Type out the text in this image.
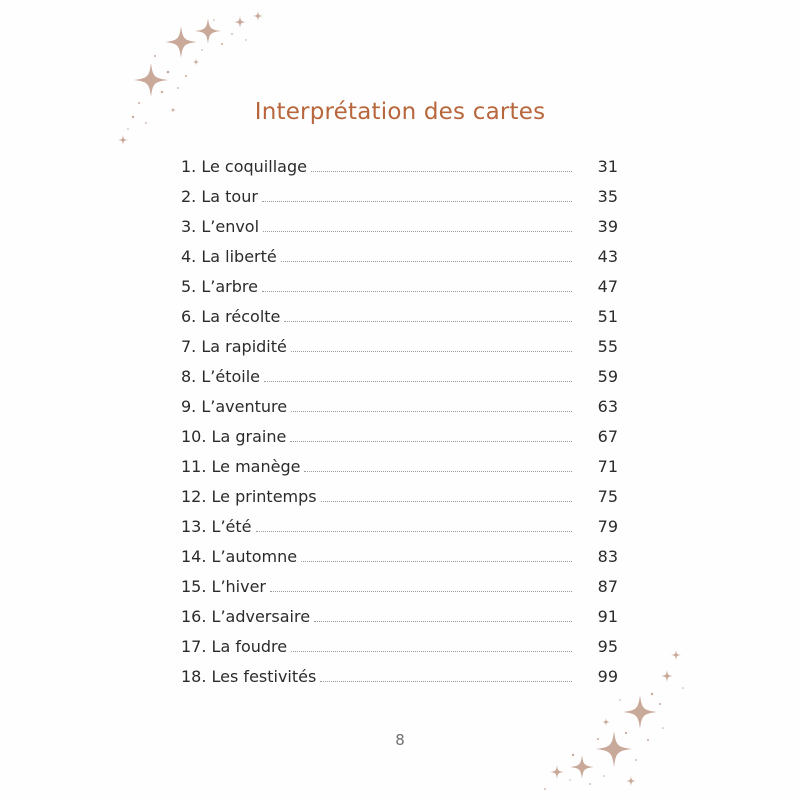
Interprétation des cartes
1. Le coquillage	31
2. La tour	35
3. L’envol	39
4. La liberté	43
5. L’arbre	47
6. La récolte	51
7. La rapidité	55
8. L’étoile	59
9. L’aventure	63
10. La graine	67
11. Le manège	71
12. Le printemps	75
13. L’été	79
14. L’automne	83
15. L’hiver	87
16. L’adversaire	91
17. La foudre	95
18. Les festivités	99
8
